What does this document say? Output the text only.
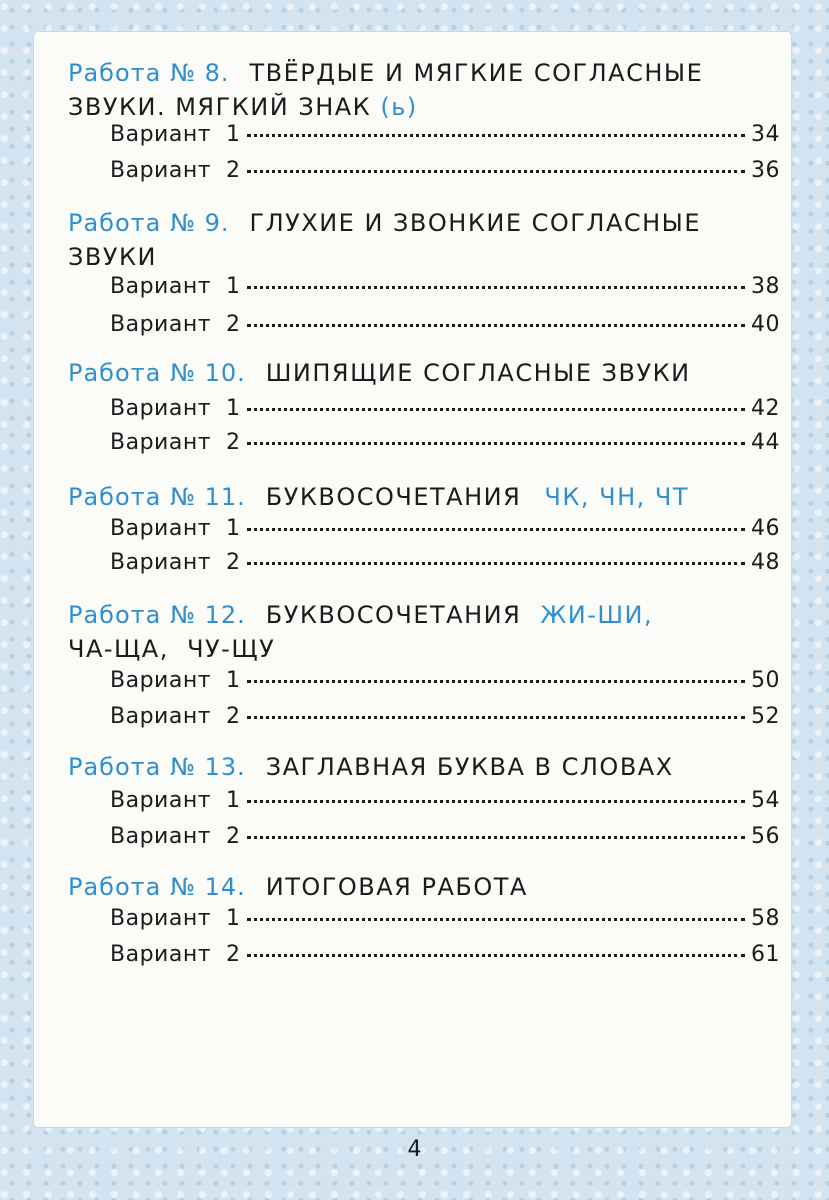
Работа № 8. ТВЁРДЫЕ И МЯГКИЕ СОГЛАСНЫЕ
ЗВУКИ. МЯГКИЙ ЗНАК (ь)
Вариант  1	34
Вариант  2	36
Работа № 9. ГЛУХИЕ И ЗВОНКИЕ СОГЛАСНЫЕ
ЗВУКИ
Вариант  1	38
Вариант  2	40
Работа № 10. ШИПЯЩИЕ СОГЛАСНЫЕ ЗВУКИ
Вариант  1	42
Вариант  2	44
Работа № 11. БУКВОСОЧЕТАНИЯ ЧК, ЧН, ЧТ
Вариант  1	46
Вариант  2	48
Работа № 12. БУКВОСОЧЕТАНИЯ ЖИ-ШИ,
ЧА-ЩА,  ЧУ-ЩУ
Вариант  1	50
Вариант  2	52
Работа № 13. ЗАГЛАВНАЯ БУКВА В СЛОВАХ
Вариант  1	54
Вариант  2	56
Работа № 14. ИТОГОВАЯ РАБОТА
Вариант  1	58
Вариант  2	61
4
